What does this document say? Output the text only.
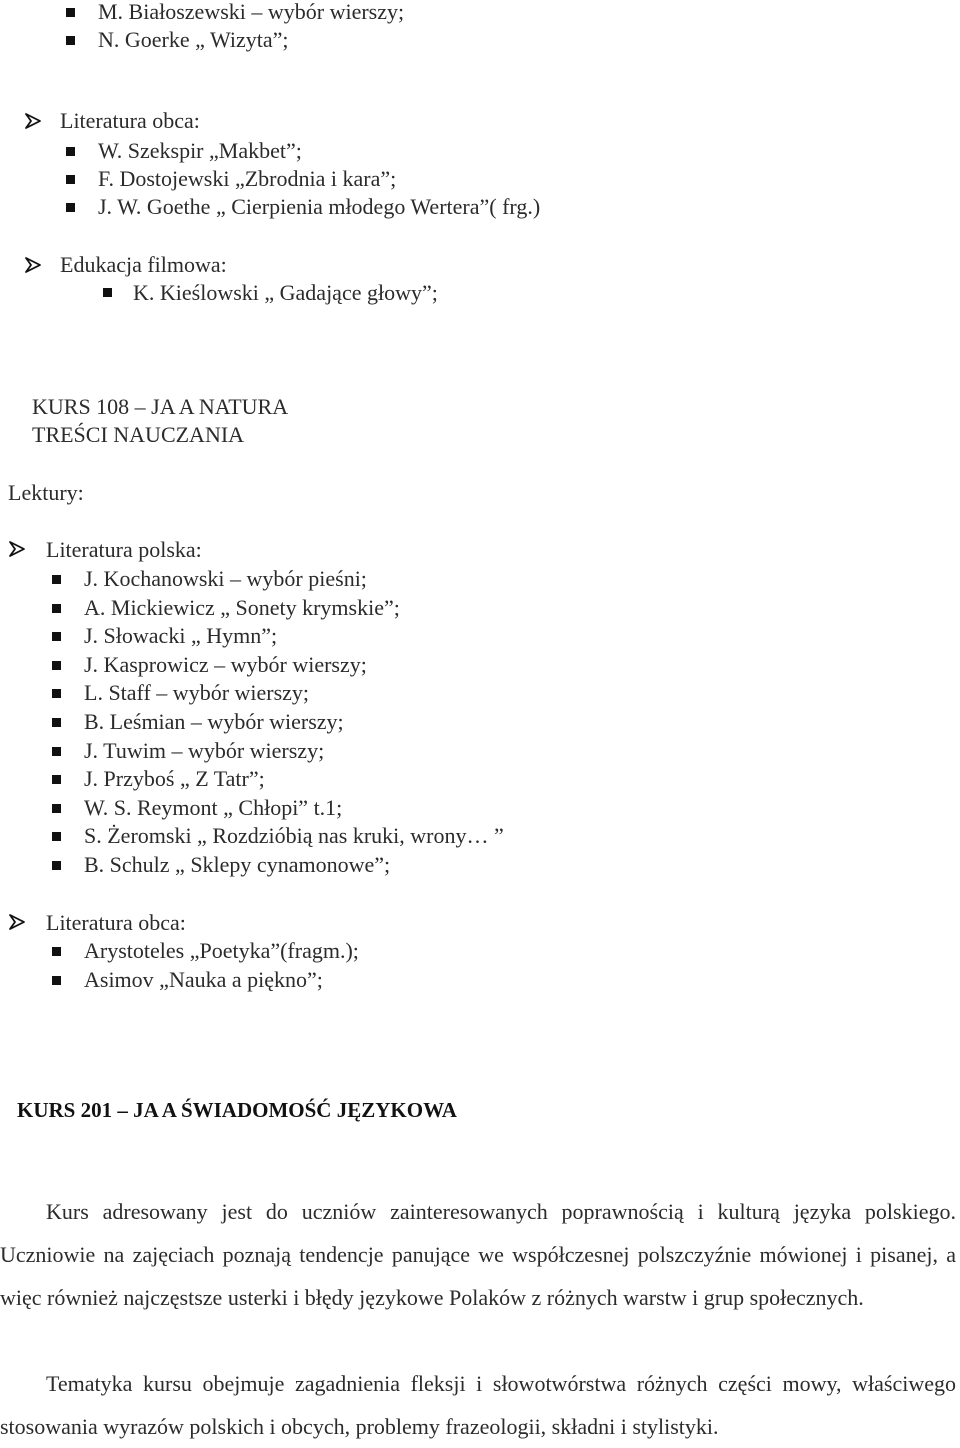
M. Białoszewski – wybór wierszy;
N. Goerke „ Wizyta”;
Literatura obca:
W. Szekspir „Makbet”;
F. Dostojewski „Zbrodnia i kara”;
J. W. Goethe „ Cierpienia młodego Wertera”( frg.)
Edukacja filmowa:
K. Kieślowski „ Gadające głowy”;
KURS 108 – JA A NATURA
TREŚCI NAUCZANIA
Lektury:
Literatura polska:
J. Kochanowski – wybór pieśni;
A. Mickiewicz „ Sonety krymskie”;
J. Słowacki „ Hymn”;
J. Kasprowicz – wybór wierszy;
L. Staff – wybór wierszy;
B. Leśmian – wybór wierszy;
J. Tuwim – wybór wierszy;
J. Przyboś „ Z Tatr”;
W. S. Reymont „ Chłopi” t.1;
S. Żeromski „ Rozdzióbią nas kruki, wrony… ”
B. Schulz „ Sklepy cynamonowe”;
Literatura obca:
Arystoteles „Poetyka”(fragm.);
Asimov „Nauka a piękno”;
KURS 201 – JA A ŚWIADOMOŚĆ JĘZYKOWA

Kurs adresowany jest do uczniów zainteresowanych poprawnością i kulturą języka polskiego. Uczniowie na zajęciach poznają tendencje panujące we współczesnej polszczyźnie mówionej i pisanej, a więc również najczęstsze usterki i błędy językowe Polaków z różnych warstw i grup społecznych.

Tematyka kursu obejmuje zagadnienia fleksji i słowotwórstwa różnych części mowy, właściwego stosowania wyrazów polskich i obcych, problemy frazeologii, składni i stylistyki.
